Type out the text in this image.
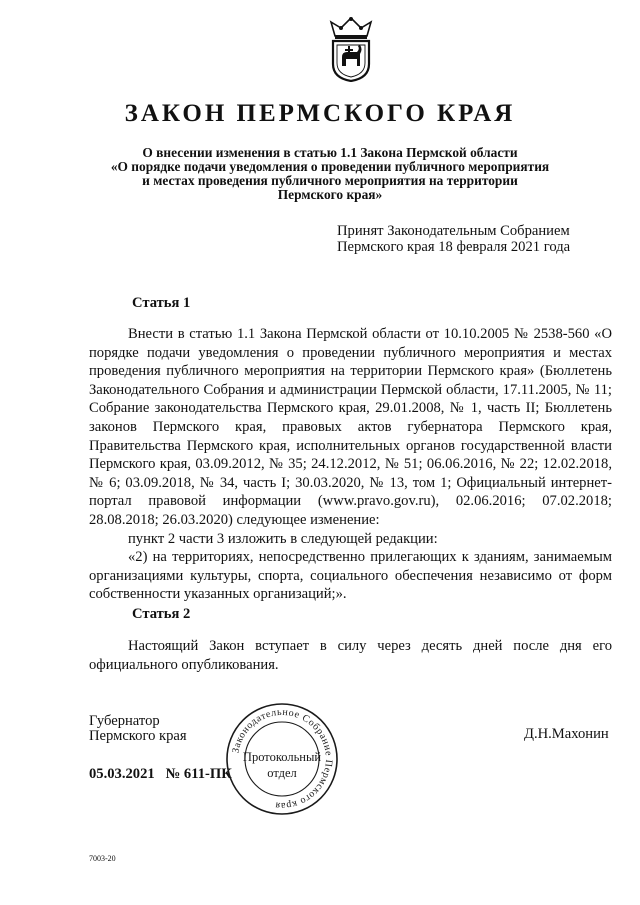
ЗАКОН ПЕРМСКОГО КРАЯ
О внесении изменения в статью 1.1 Закона Пермской области
«О порядке подачи уведомления о проведении публичного мероприятия
и местах проведения публичного мероприятия на территории
Пермского края»
Принят Законодательным Собранием
Пермского края 18 февраля 2021 года
Статья 1

Внести в статью 1.1 Закона Пермской области от 10.10.2005 № 2538-560 «О порядке подачи уведомления о проведении публичного мероприятия и местах проведения публичного мероприятия на территории Пермского края» (Бюллетень Законодательного Собрания и администрации Пермской области, 17.11.2005, № 11; Собрание законодательства Пермского края, 29.01.2008, № 1, часть II; Бюллетень законов Пермского края, правовых актов губернатора Пермского края, Правительства Пермского края, исполнительных органов государственной власти Пермского края, 03.09.2012, № 35; 24.12.2012, № 51; 06.06.2016, № 22; 12.02.2018, № 6; 03.09.2018, № 34, часть I; 30.03.2020, № 13, том 1; Официальный интернет-портал правовой информации (www.pravo.gov.ru), 02.06.2016; 07.02.2018; 28.08.2018; 26.03.2020) следующее изменение:

пункт 2 части 3 изложить в следующей редакции:

«2) на территориях, непосредственно прилегающих к зданиям, занимаемым организациями культуры, спорта, социального обеспечения независимо от форм собственности указанных организаций;».

Статья 2

Настоящий Закон вступает в силу через десять дней после дня его официального опубликования.

Губернатор
Пермского края	Д.Н.Махонин
05.03.2021   № 611-ПК
Законодательное Собрание Пермского края
Протокольный
отдел
7003-20
